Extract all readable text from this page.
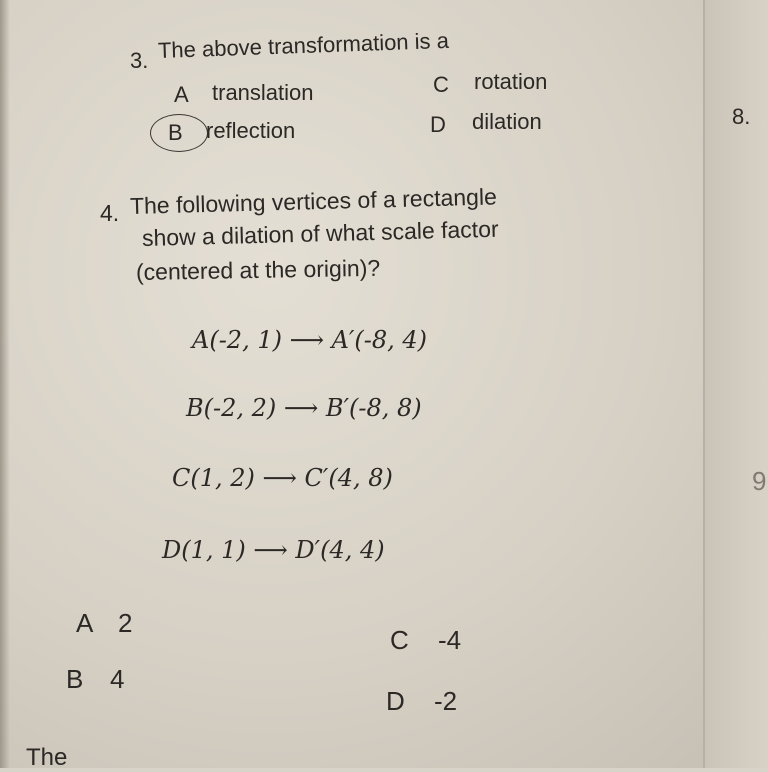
3. The above transformation is a
A translation	C rotation
B reflection	D dilation	8.
4. The following vertices of a rectangle
show a dilation of what scale factor
(centered at the origin)?
A(-2, 1) ⟶ A′(-8, 4)
B(-2, 2) ⟶ B′(-8, 8)
C(1, 2) ⟶ C′(4, 8)
D(1, 1) ⟶ D′(4, 4)
9
A 2
C -4
B 4
D -2
The
